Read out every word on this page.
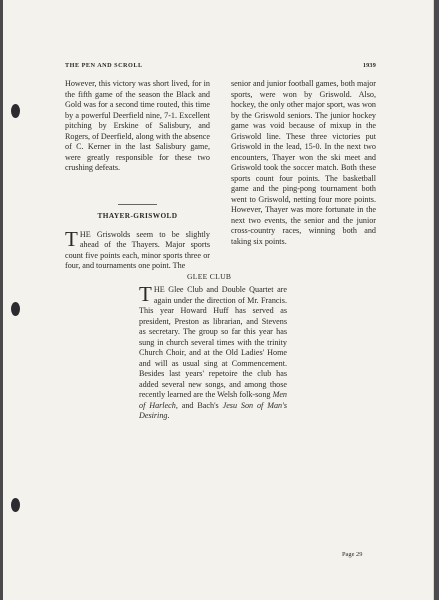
THE PEN AND SCROLL	1939

However, this victory was short lived, for in the fifth game of the season the Black and Gold was for a second time routed, this time by a powerful Deerfield nine, 7-1. Excellent pitching by Erskine of Salisbury, and Rogers, of Deerfield, along with the absence of C. Kerner in the last Salisbury game, were greatly responsible for these two crushing defeats.

THAYER-GRISWOLD

THE Griswolds seem to be slightly ahead of the Thayers. Major sports count five points each, minor sports three or four, and tournaments one point. The

senior and junior football games, both major sports, were won by Griswold. Also, hockey, the only other major sport, was won by the Griswold seniors. The junior hockey game was void because of mixup in the Griswold line. These three victories put Griswold in the lead, 15-0. In the next two encounters, Thayer won the ski meet and Griswold took the soccer match. Both these sports count four points. The basketball game and the ping-pong tournament both went to Griswold, netting four more points. However, Thayer was more fortunate in the next two events, the senior and the junior cross-country races, winning both and taking six points.

GLEE CLUB

THE Glee Club and Double Quartet are again under the direction of Mr. Francis. This year Howard Huff has served as president, Preston as librarian, and Stevens as secretary. The group so far this year has sung in church several times with the trinity Church Choir, and at the Old Ladies' Home and will as usual sing at Commencement. Besides last years' repetoire the club has added several new songs, and among those recently learned are the Welsh folk-song Men of Harlech, and Bach's Jesu Son of Man's Desiring.

Page 29
